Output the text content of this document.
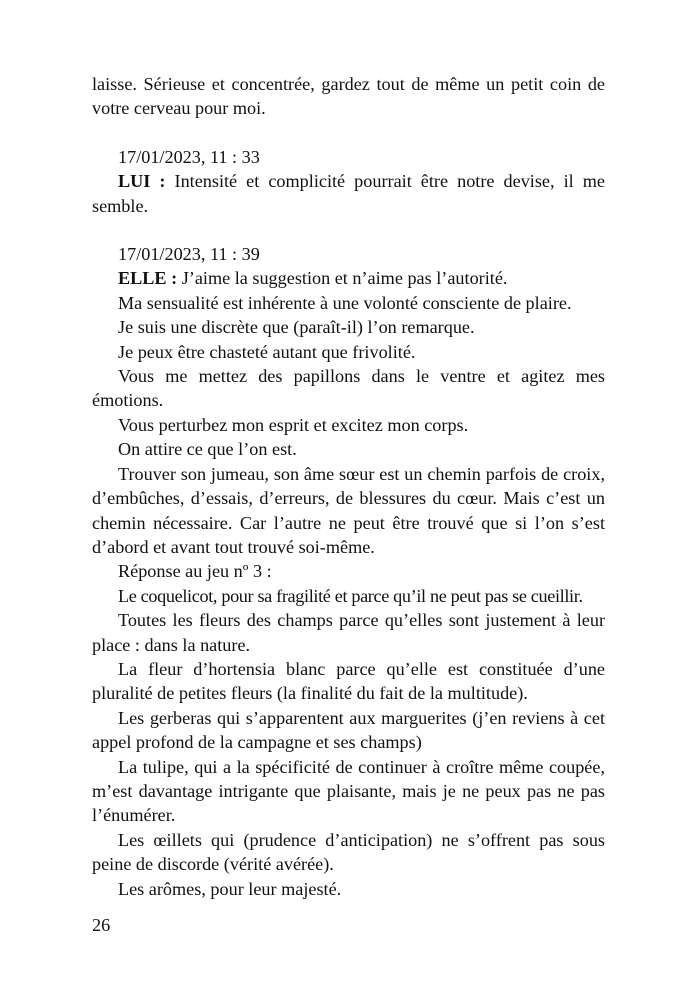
laisse. Sérieuse et concentrée, gardez tout de même un petit coin de votre cerveau pour moi.

17/01/2023, 11 : 33

LUI : Intensité et complicité pourrait être notre devise, il me semble.

17/01/2023, 11 : 39

ELLE : J’aime la suggestion et n’aime pas l’autorité.

Ma sensualité est inhérente à une volonté consciente de plaire.

Je suis une discrète que (paraît-il) l’on remarque.

Je peux être chasteté autant que frivolité.

Vous me mettez des papillons dans le ventre et agitez mes émotions.

Vous perturbez mon esprit et excitez mon corps.

On attire ce que l’on est.

Trouver son jumeau, son âme sœur est un chemin parfois de croix, d’embûches, d’essais, d’erreurs, de blessures du cœur. Mais c’est un chemin nécessaire. Car l’autre ne peut être trouvé que si l’on s’est d’abord et avant tout trouvé soi-même.

Réponse au jeu nº 3 :

Le coquelicot, pour sa fragilité et parce qu’il ne peut pas se cueillir.

Toutes les fleurs des champs parce qu’elles sont justement à leur place : dans la nature.

La fleur d’hortensia blanc parce qu’elle est constituée d’une pluralité de petites fleurs (la finalité du fait de la multitude).

Les gerberas qui s’apparentent aux marguerites (j’en reviens à cet appel profond de la campagne et ses champs)

La tulipe, qui a la spécificité de continuer à croître même coupée, m’est davantage intrigante que plaisante, mais je ne peux pas ne pas l’énumérer.

Les œillets qui (prudence d’anticipation) ne s’offrent pas sous peine de discorde (vérité avérée).

Les arômes, pour leur majesté.

26
